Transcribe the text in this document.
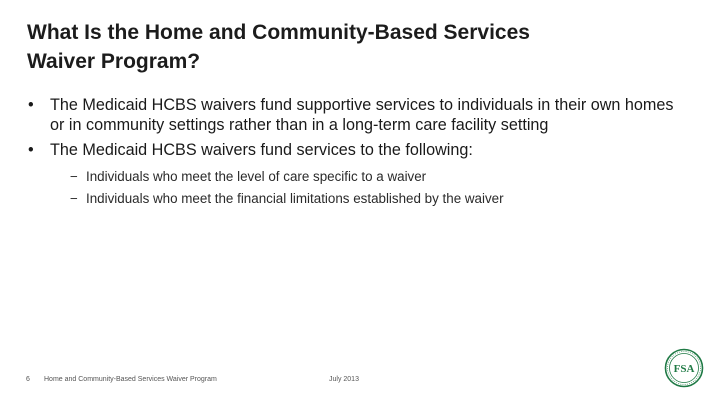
What Is the Home and Community-Based Services
Waiver Program?
• The Medicaid HCBS waivers fund supportive services to individuals in their own homes or in community settings rather than in a long-term care facility setting
• The Medicaid HCBS waivers fund services to the following:
− Individuals who meet the level of care specific to a waiver
− Individuals who meet the financial limitations established by the waiver
6 Home and Community-Based Services Waiver Program	July 2013
FSA
